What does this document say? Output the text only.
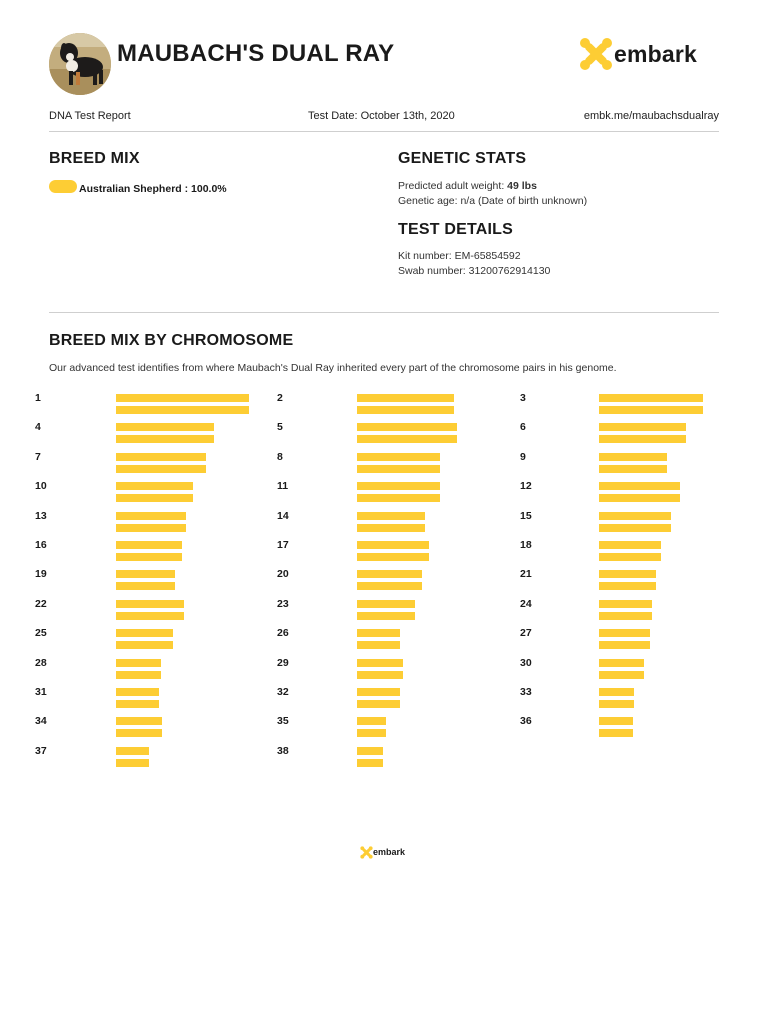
MAUBACH'S DUAL RAY	embark
DNA Test Report	Test Date: October 13th, 2020	embk.me/maubachsdualray
BREED MIX
Australian Shepherd : 100.0%
GENETIC STATS
Predicted adult weight: 49 lbs
Genetic age: n/a (Date of birth unknown)
TEST DETAILS
Kit number: EM-65854592
Swab number: 31200762914130
BREED MIX BY CHROMOSOME
Our advanced test identifies from where Maubach's Dual Ray inherited every part of the chromosome pairs in his genome.
1	2	3
4	5	6
7	8	9
10	11	12
13	14	15
16	17	18
19	20	21
22	23	24
25	26	27
28	29	30
31	32	33
34	35	36
37	38
embark
